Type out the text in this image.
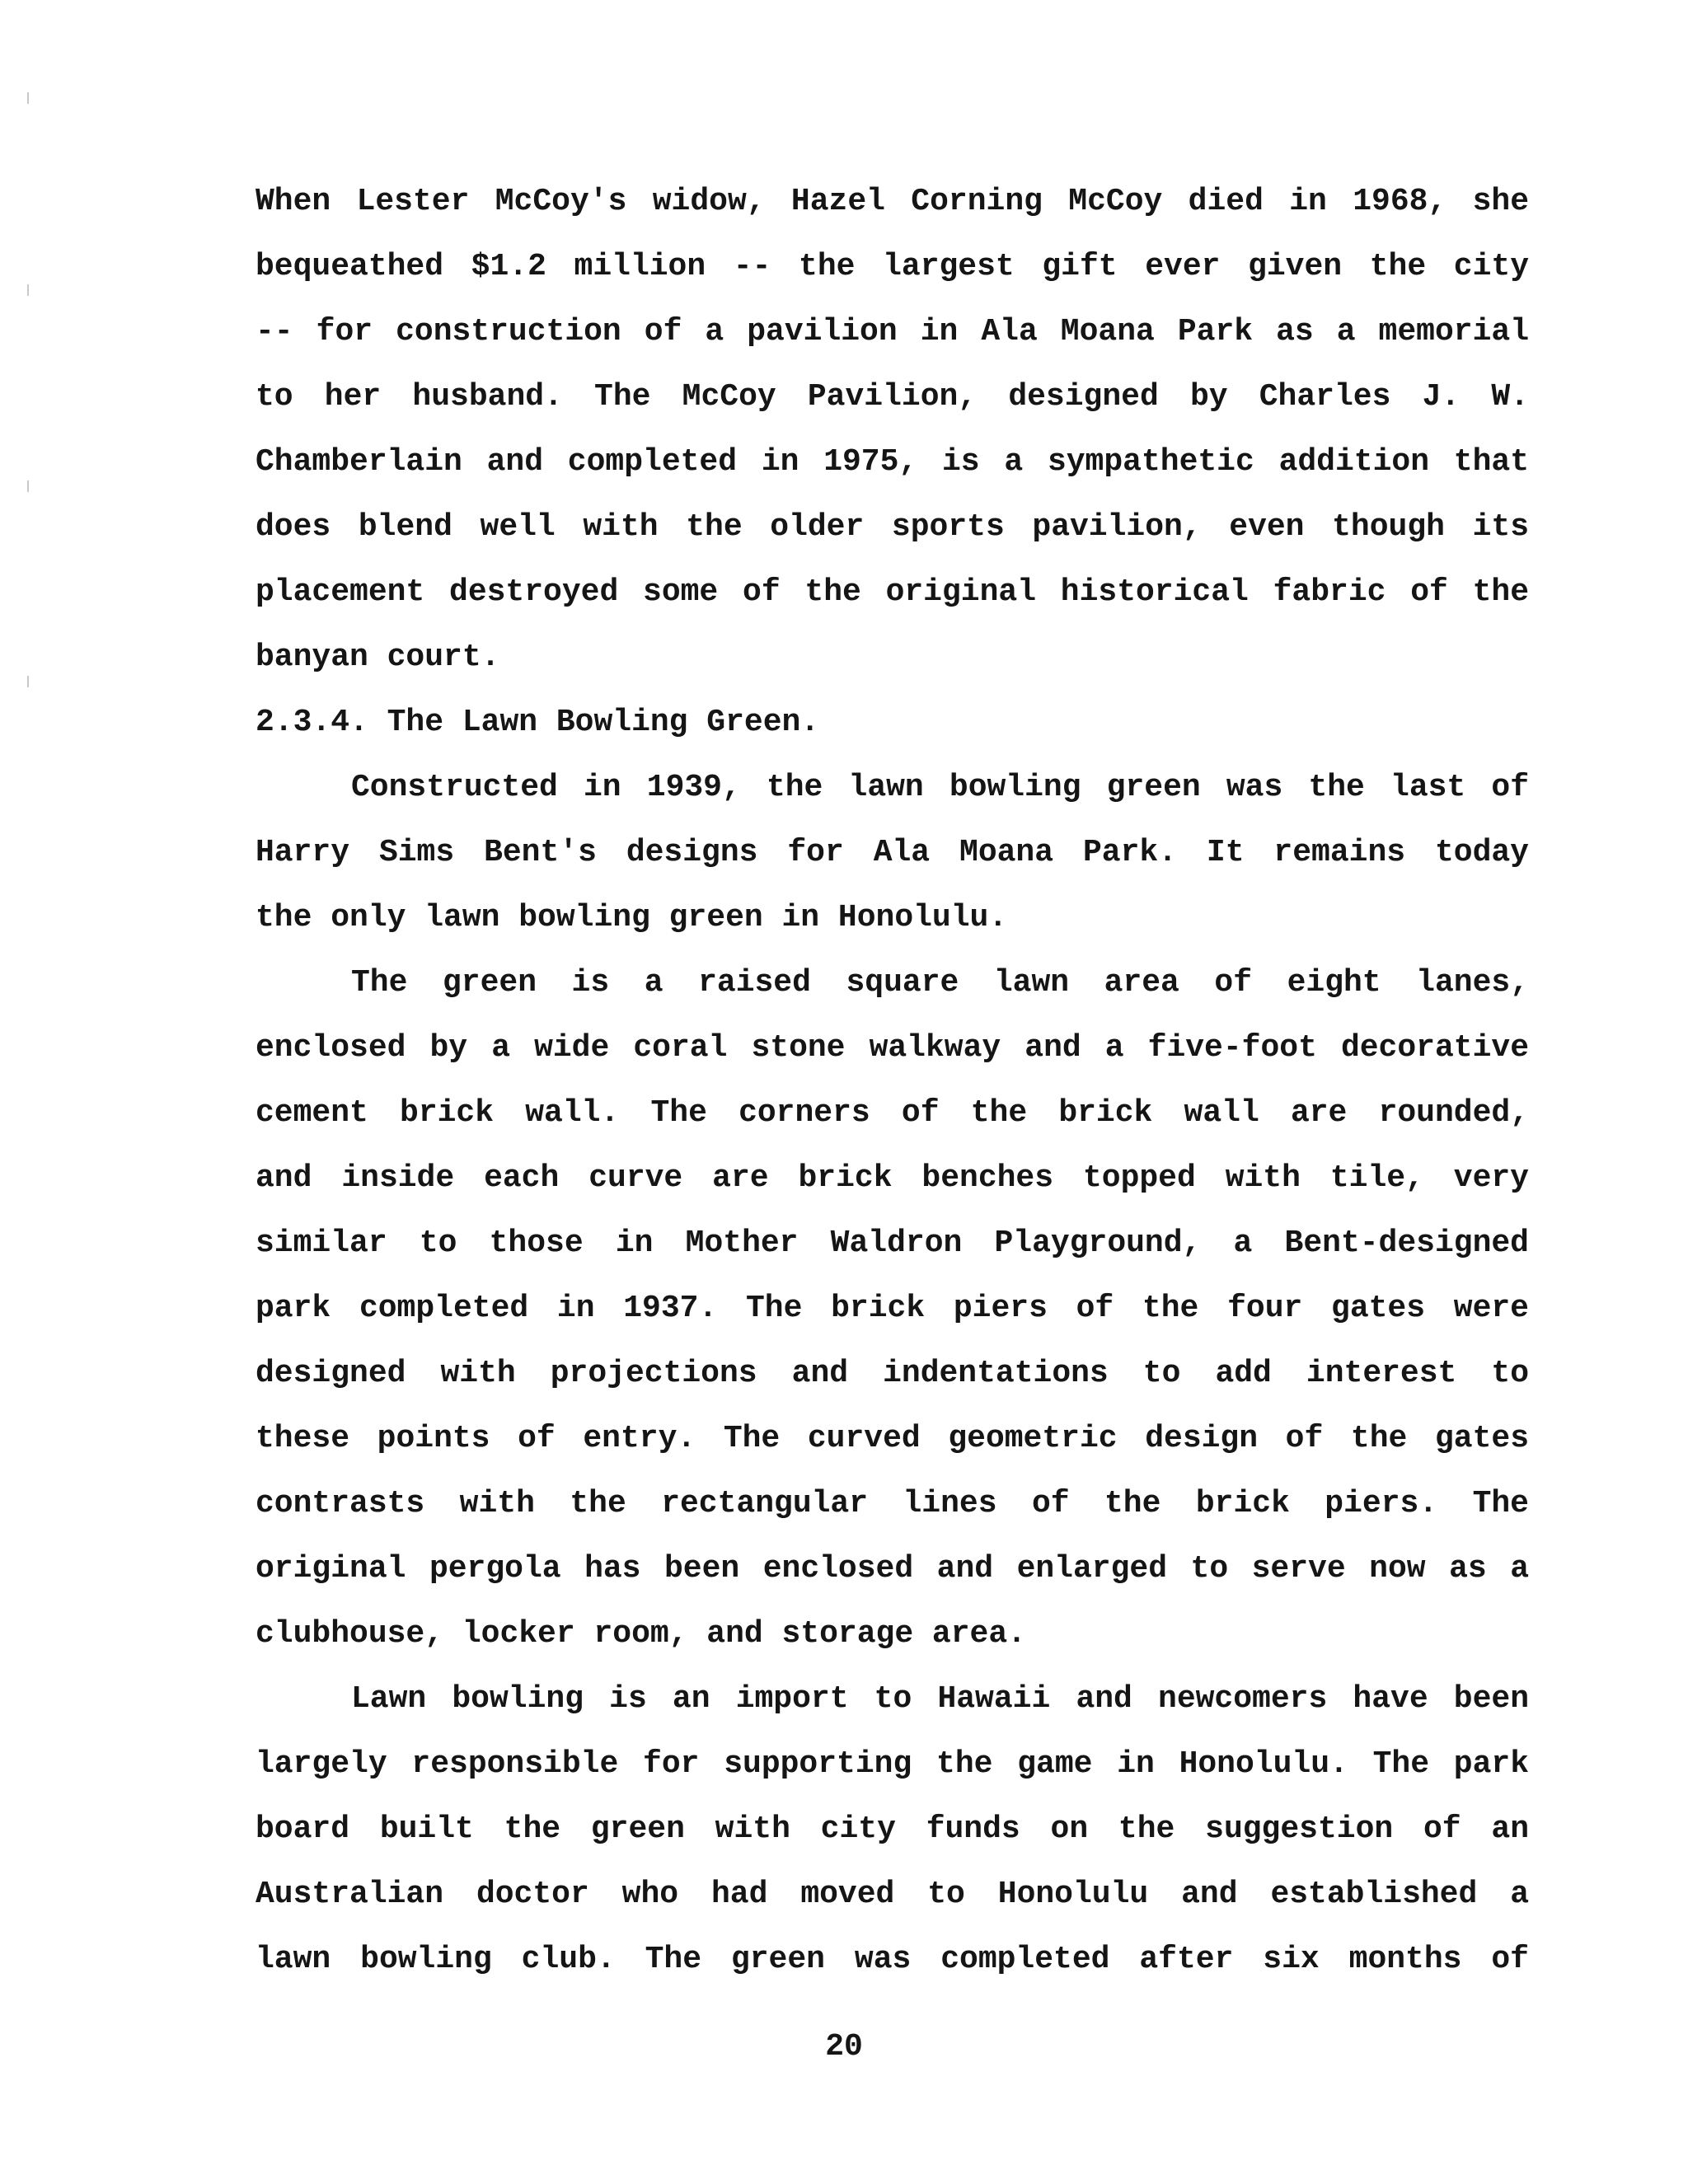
When Lester McCoy's widow, Hazel Corning McCoy died in 1968, she
bequeathed $1.2 million -- the largest gift ever given the city
-- for construction of a pavilion in Ala Moana Park as a memorial
to her husband. The McCoy Pavilion, designed by Charles J. W.
Chamberlain and completed in 1975, is a sympathetic addition that
does blend well with the older sports pavilion, even though its
placement destroyed some of the original historical fabric of the
banyan court.
2.3.4. The Lawn Bowling Green.
Constructed in 1939, the lawn bowling green was the last of
Harry Sims Bent's designs for Ala Moana Park. It remains today
the only lawn bowling green in Honolulu.
The green is a raised square lawn area of eight lanes,
enclosed by a wide coral stone walkway and a five-foot decorative
cement brick wall. The corners of the brick wall are rounded,
and inside each curve are brick benches topped with tile, very
similar to those in Mother Waldron Playground, a Bent-designed
park completed in 1937. The brick piers of the four gates were
designed with projections and indentations to add interest to
these points of entry. The curved geometric design of the gates
contrasts with the rectangular lines of the brick piers. The
original pergola has been enclosed and enlarged to serve now as a
clubhouse, locker room, and storage area.
Lawn bowling is an import to Hawaii and newcomers have been
largely responsible for supporting the game in Honolulu. The park
board built the green with city funds on the suggestion of an
Australian doctor who had moved to Honolulu and established a
lawn bowling club. The green was completed after six months of
20
